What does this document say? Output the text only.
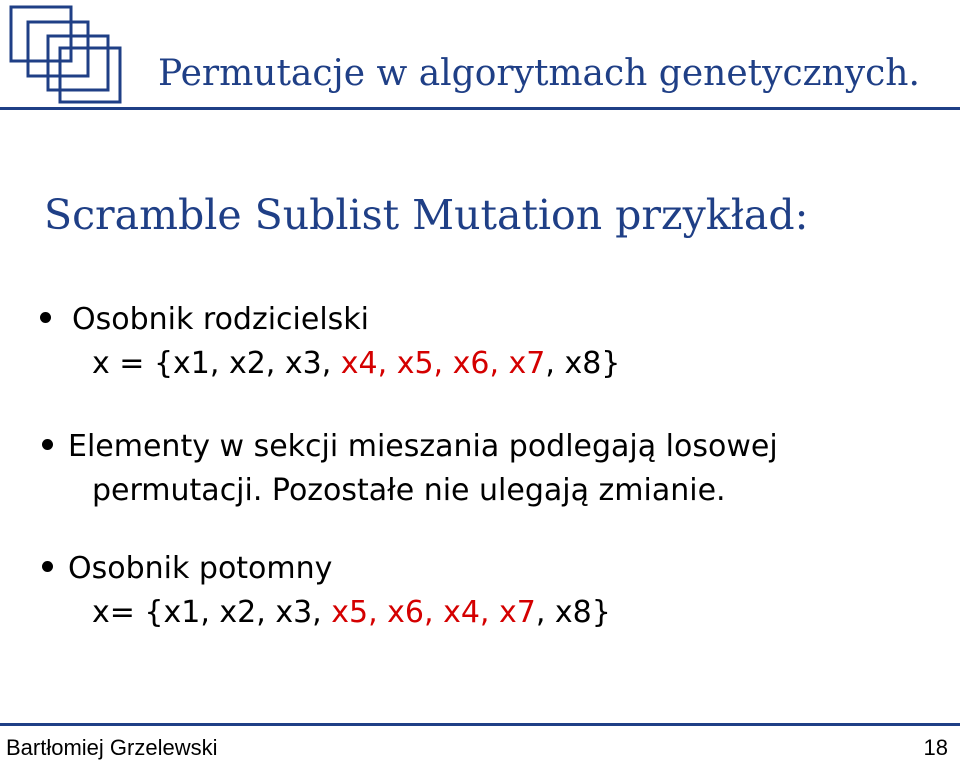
Permutacje w algorytmach genetycznych.
Scramble Sublist Mutation przykład:
Osobnik rodzicielski
x = {x1, x2, x3, x4, x5, x6, x7, x8}
Elementy w sekcji mieszania podlegają losowej
permutacji. Pozostałe nie ulegają zmianie.
Osobnik potomny
x= {x1, x2, x3, x5, x6, x4, x7, x8}
Bartłomiej Grzelewski	18
